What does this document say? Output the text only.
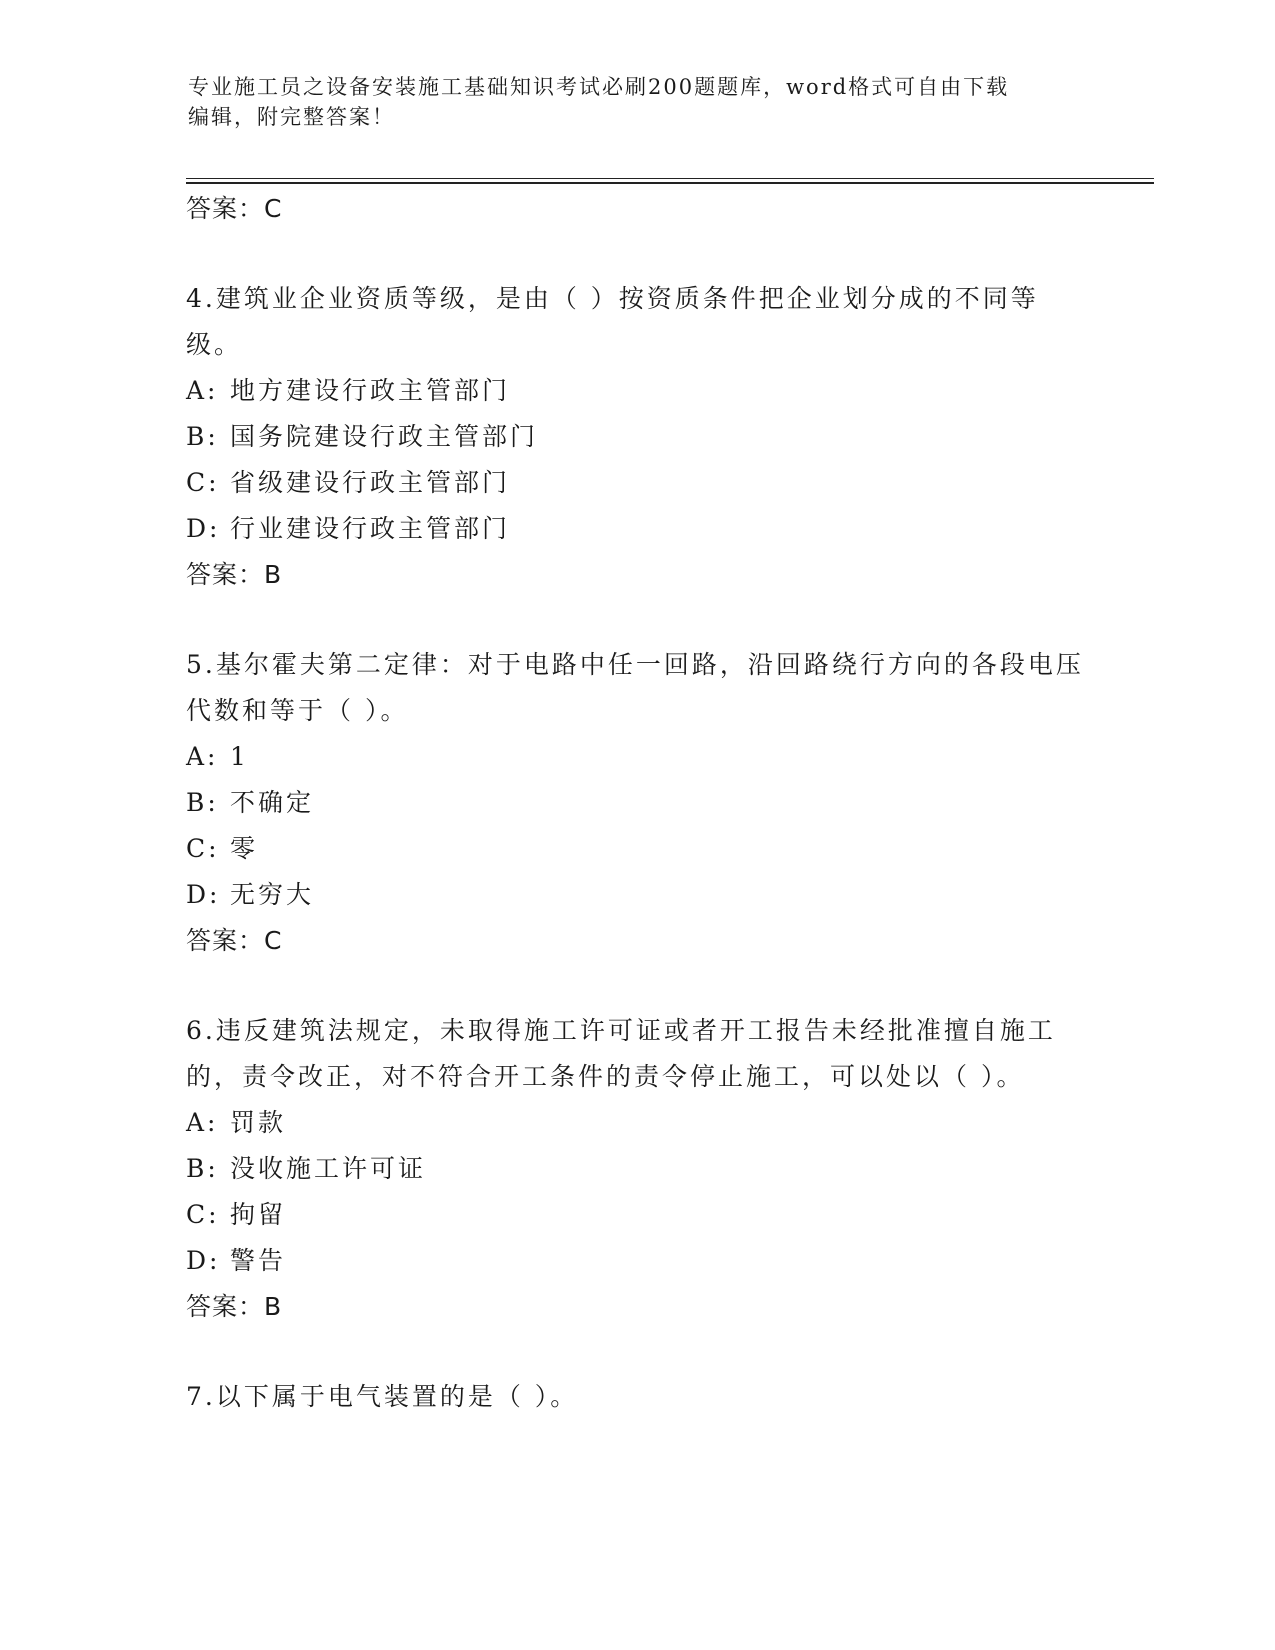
专业施工员之设备安装施工基础知识考试必刷200题题库，word格式可自由下载
编辑，附完整答案！
答案：C
4.建筑业企业资质等级，是由（ ）按资质条件把企业划分成的不同等级。
A: 地方建设行政主管部门
B: 国务院建设行政主管部门
C: 省级建设行政主管部门
D: 行业建设行政主管部门
答案：B
5.基尔霍夫第二定律：对于电路中任一回路，沿回路绕行方向的各段电压代数和等于（ ）。
A: 1
B: 不确定
C: 零
D: 无穷大
答案：C
6.违反建筑法规定，未取得施工许可证或者开工报告未经批准擅自施工的，责令改正，对不符合开工条件的责令停止施工，可以处以（ ）。
A: 罚款
B: 没收施工许可证
C: 拘留
D: 警告
答案：B
7.以下属于电气装置的是（ ）。
